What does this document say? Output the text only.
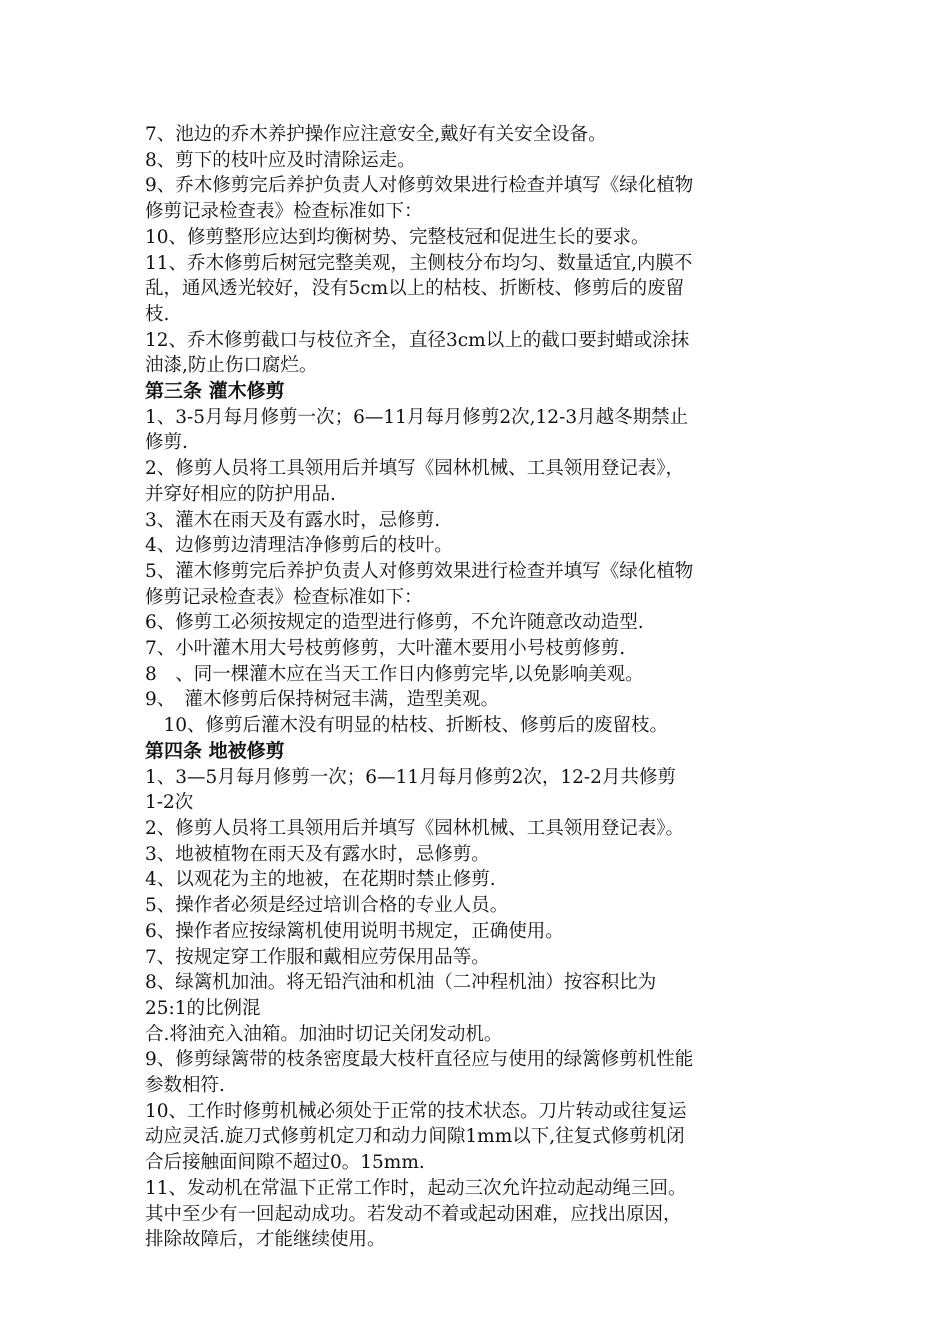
7、池边的乔木养护操作应注意安全,戴好有关安全设备。
8、剪下的枝叶应及时清除运走。
9、乔木修剪完后养护负责人对修剪效果进行检查并填写《绿化植物
修剪记录检查表》检查标准如下：
10、修剪整形应达到均衡树势、完整枝冠和促进生长的要求。
11、乔木修剪后树冠完整美观，主侧枝分布均匀、数量适宜,内膜不
乱，通风透光较好，没有5cm以上的枯枝、折断枝、修剪后的废留
枝.
12、乔木修剪截口与枝位齐全，直径3cm以上的截口要封蜡或涂抹
油漆,防止伤口腐烂。
第三条 灌木修剪
1、3-5月每月修剪一次；6—11月每月修剪2次,12-3月越冬期禁止
修剪.
2、修剪人员将工具领用后并填写《园林机械、工具领用登记表》，
并穿好相应的防护用品.
3、灌木在雨天及有露水时，忌修剪.
4、边修剪边清理洁净修剪后的枝叶。
5、灌木修剪完后养护负责人对修剪效果进行检查并填写《绿化植物
修剪记录检查表》检查标准如下：
6、修剪工必须按规定的造型进行修剪，不允许随意改动造型.
7、小叶灌木用大号枝剪修剪，大叶灌木要用小号枝剪修剪.
8　、同一棵灌木应在当天工作日内修剪完毕,以免影响美观。
9、　灌木修剪后保持树冠丰满，造型美观。
　10、修剪后灌木没有明显的枯枝、折断枝、修剪后的废留枝。
第四条 地被修剪
1、3—5月每月修剪一次；6—11月每月修剪2次，12-2月共修剪
1-2次
2、修剪人员将工具领用后并填写《园林机械、工具领用登记表》。
3、地被植物在雨天及有露水时，忌修剪。
4、以观花为主的地被，在花期时禁止修剪.
5、操作者必须是经过培训合格的专业人员。
6、操作者应按绿篱机使用说明书规定，正确使用。
7、按规定穿工作服和戴相应劳保用品等。
8、绿篱机加油。将无铅汽油和机油（二冲程机油）按容积比为
25:1的比例混
合.将油充入油箱。加油时切记关闭发动机。
9、修剪绿篱带的枝条密度最大枝杆直径应与使用的绿篱修剪机性能
参数相符.
10、工作时修剪机械必须处于正常的技术状态。刀片转动或往复运
动应灵活.旋刀式修剪机定刀和动力间隙1mm以下,往复式修剪机闭
合后接触面间隙不超过0。15mm.
11、发动机在常温下正常工作时，起动三次允许拉动起动绳三回。
其中至少有一回起动成功。若发动不着或起动困难，应找出原因，
排除故障后，才能继续使用。
